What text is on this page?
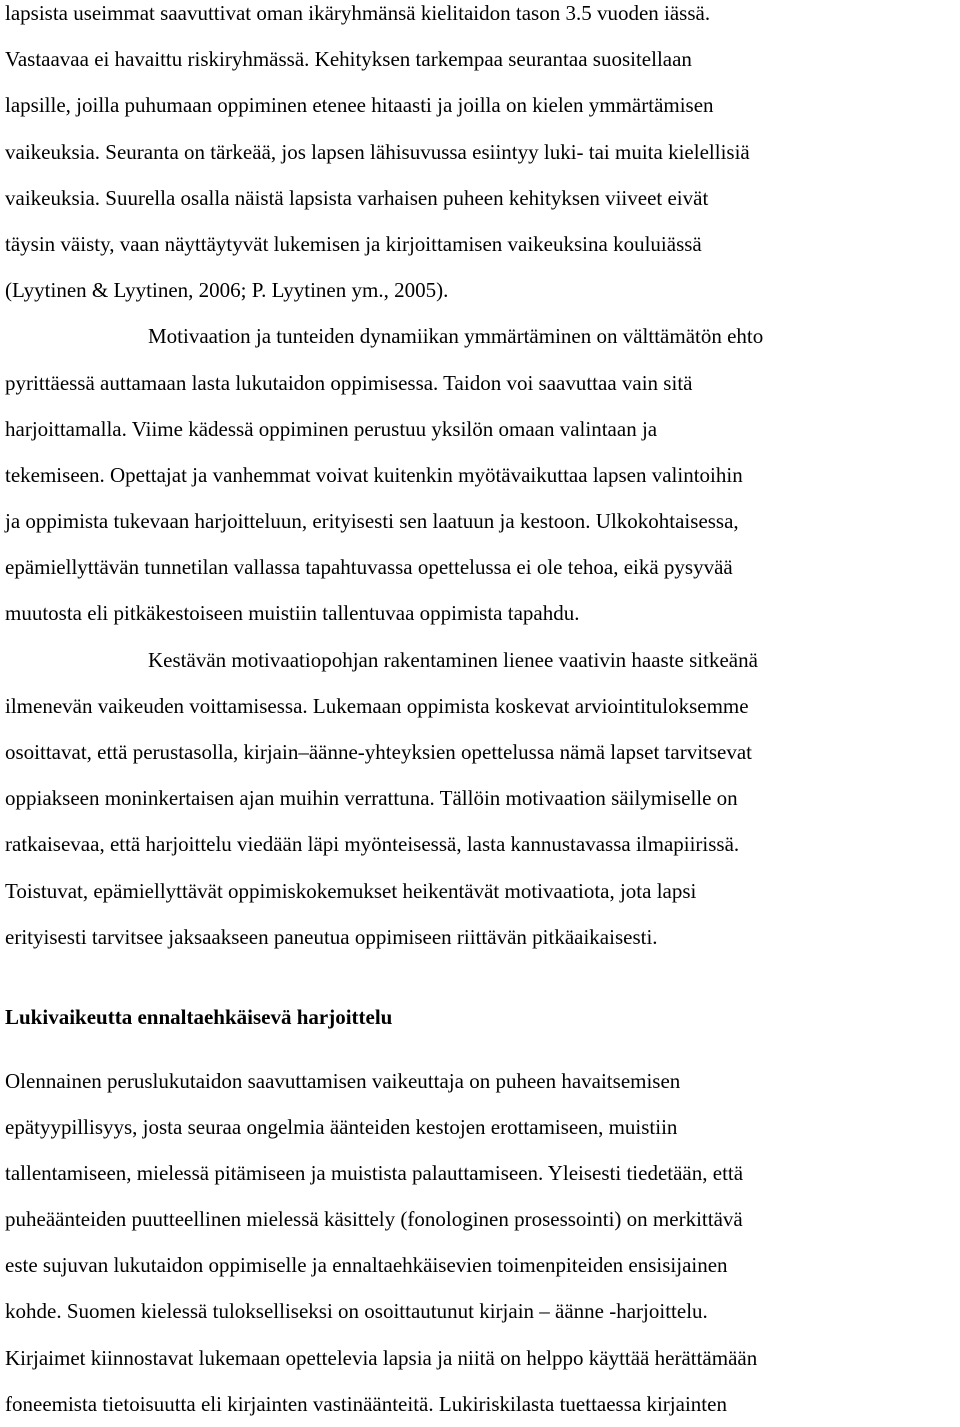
lapsista useimmat saavuttivat oman ikäryhmänsä kielitaidon tason 3.5 vuoden iässä.
Vastaavaa ei havaittu riskiryhmässä. Kehityksen tarkempaa seurantaa suositellaan
lapsille, joilla puhumaan oppiminen etenee hitaasti ja joilla on kielen ymmärtämisen
vaikeuksia. Seuranta on tärkeää, jos lapsen lähisuvussa esiintyy luki- tai muita kielellisiä
vaikeuksia. Suurella osalla näistä lapsista varhaisen puheen kehityksen viiveet eivät
täysin väisty, vaan näyttäytyvät lukemisen ja kirjoittamisen vaikeuksina kouluiässä
(Lyytinen & Lyytinen, 2006; P. Lyytinen ym., 2005).

Motivaation ja tunteiden dynamiikan ymmärtäminen on välttämätön ehto
pyrittäessä auttamaan lasta lukutaidon oppimisessa. Taidon voi saavuttaa vain sitä
harjoittamalla. Viime kädessä oppiminen perustuu yksilön omaan valintaan ja
tekemiseen. Opettajat ja vanhemmat voivat kuitenkin myötävaikuttaa lapsen valintoihin
ja oppimista tukevaan harjoitteluun, erityisesti sen laatuun ja kestoon. Ulkokohtaisessa,
epämiellyttävän tunnetilan vallassa tapahtuvassa opettelussa ei ole tehoa, eikä pysyvää
muutosta eli pitkäkestoiseen muistiin tallentuvaa oppimista tapahdu.

Kestävän motivaatiopohjan rakentaminen lienee vaativin haaste sitkeänä
ilmenevän vaikeuden voittamisessa. Lukemaan oppimista koskevat arviointituloksemme
osoittavat, että perustasolla, kirjain–äänne-yhteyksien opettelussa nämä lapset tarvitsevat
oppiakseen moninkertaisen ajan muihin verrattuna. Tällöin motivaation säilymiselle on
ratkaisevaa, että harjoittelu viedään läpi myönteisessä, lasta kannustavassa ilmapiirissä.
Toistuvat, epämiellyttävät oppimiskokemukset heikentävät motivaatiota, jota lapsi
erityisesti tarvitsee jaksaakseen paneutua oppimiseen riittävän pitkäaikaisesti.

Lukivaikeutta ennaltaehkäisevä harjoittelu

Olennainen peruslukutaidon saavuttamisen vaikeuttaja on puheen havaitsemisen
epätyypillisyys, josta seuraa ongelmia äänteiden kestojen erottamiseen, muistiin
tallentamiseen, mielessä pitämiseen ja muistista palauttamiseen. Yleisesti tiedetään, että
puheäänteiden puutteellinen mielessä käsittely (fonologinen prosessointi) on merkittävä
este sujuvan lukutaidon oppimiselle ja ennaltaehkäisevien toimenpiteiden ensisijainen
kohde. Suomen kielessä tulokselliseksi on osoittautunut kirjain – äänne -harjoittelu.
Kirjaimet kiinnostavat lukemaan opettelevia lapsia ja niitä on helppo käyttää herättämään
foneemista tietoisuutta eli kirjainten vastinäänteitä. Lukiriskilasta tuettaessa kirjainten
